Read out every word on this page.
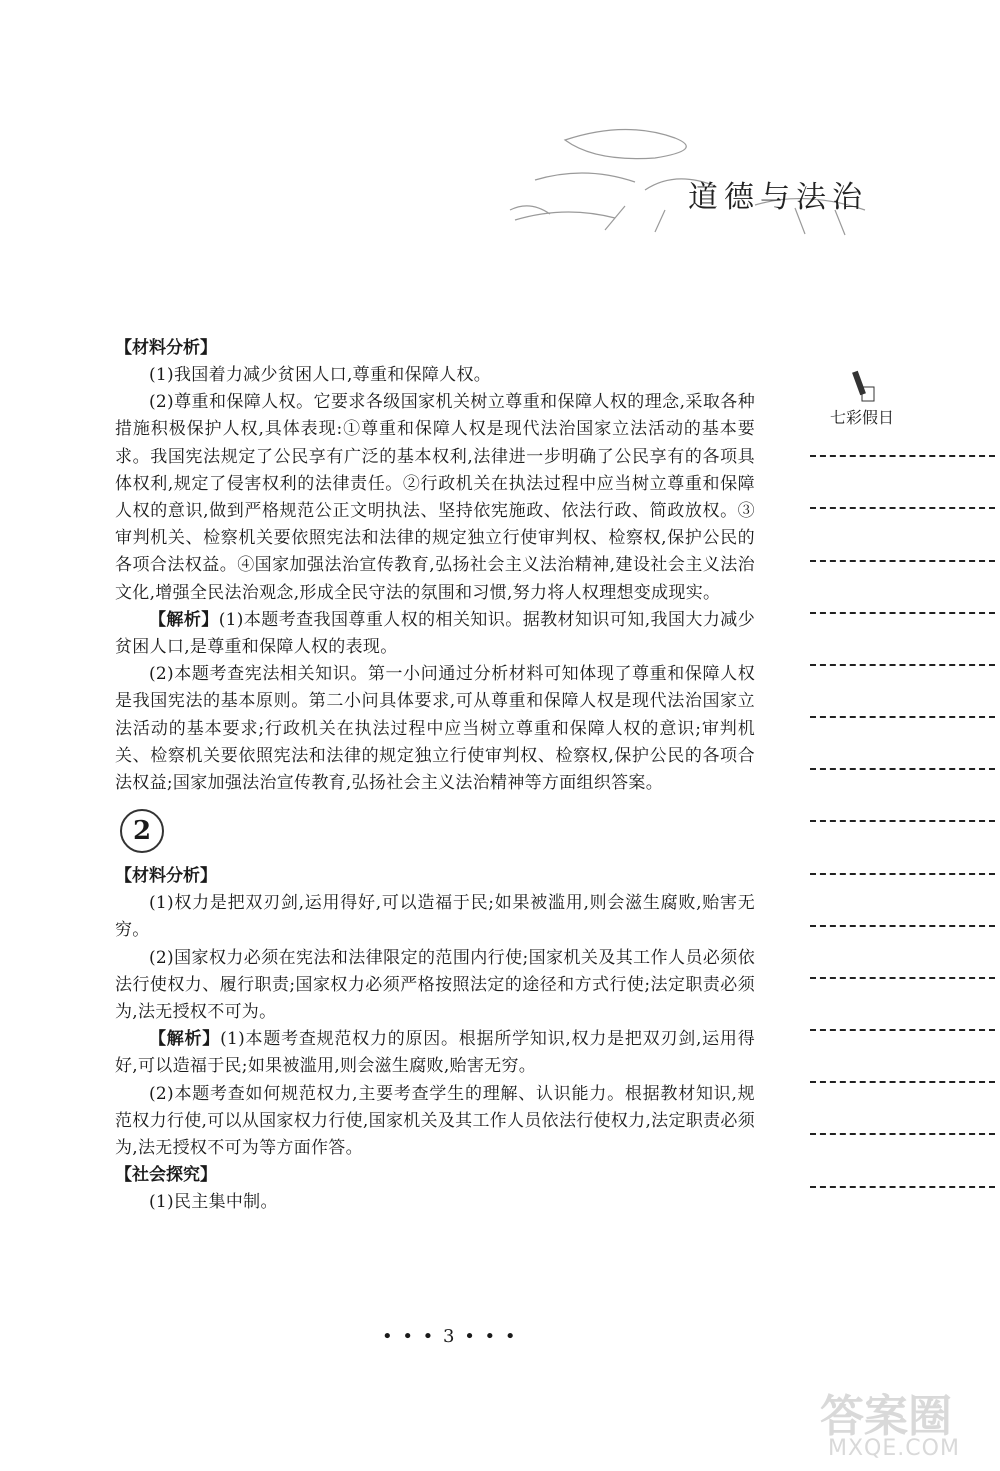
道德与法治
七彩假日

【材料分析】

(1)我国着力减少贫困人口,尊重和保障人权。

(2)尊重和保障人权。它要求各级国家机关树立尊重和保障人权的理念,采取各种措施积极保护人权,具体表现:①尊重和保障人权是现代法治国家立法活动的基本要求。我国宪法规定了公民享有广泛的基本权利,法律进一步明确了公民享有的各项具体权利,规定了侵害权利的法律责任。②行政机关在执法过程中应当树立尊重和保障人权的意识,做到严格规范公正文明执法、坚持依宪施政、依法行政、简政放权。③审判机关、检察机关要依照宪法和法律的规定独立行使审判权、检察权,保护公民的各项合法权益。④国家加强法治宣传教育,弘扬社会主义法治精神,建设社会主义法治文化,增强全民法治观念,形成全民守法的氛围和习惯,努力将人权理想变成现实。

【解析】(1)本题考查我国尊重人权的相关知识。据教材知识可知,我国大力减少贫困人口,是尊重和保障人权的表现。

(2)本题考查宪法相关知识。第一小问通过分析材料可知体现了尊重和保障人权是我国宪法的基本原则。第二小问具体要求,可从尊重和保障人权是现代法治国家立法活动的基本要求;行政机关在执法过程中应当树立尊重和保障人权的意识;审判机关、检察机关要依照宪法和法律的规定独立行使审判权、检察权,保护公民的各项合法权益;国家加强法治宣传教育,弘扬社会主义法治精神等方面组织答案。

2

【材料分析】

(1)权力是把双刃剑,运用得好,可以造福于民;如果被滥用,则会滋生腐败,贻害无穷。

(2)国家权力必须在宪法和法律限定的范围内行使;国家机关及其工作人员必须依法行使权力、履行职责;国家权力必须严格按照法定的途径和方式行使;法定职责必须为,法无授权不可为。

【解析】(1)本题考查规范权力的原因。根据所学知识,权力是把双刃剑,运用得好,可以造福于民;如果被滥用,则会滋生腐败,贻害无穷。

(2)本题考查如何规范权力,主要考查学生的理解、认识能力。根据教材知识,规范权力行使,可以从国家权力行使,国家机关及其工作人员依法行使权力,法定职责必须为,法无授权不可为等方面作答。

【社会探究】

(1)民主集中制。

• • • 3 • • •
答案圈
MXQE.COM
